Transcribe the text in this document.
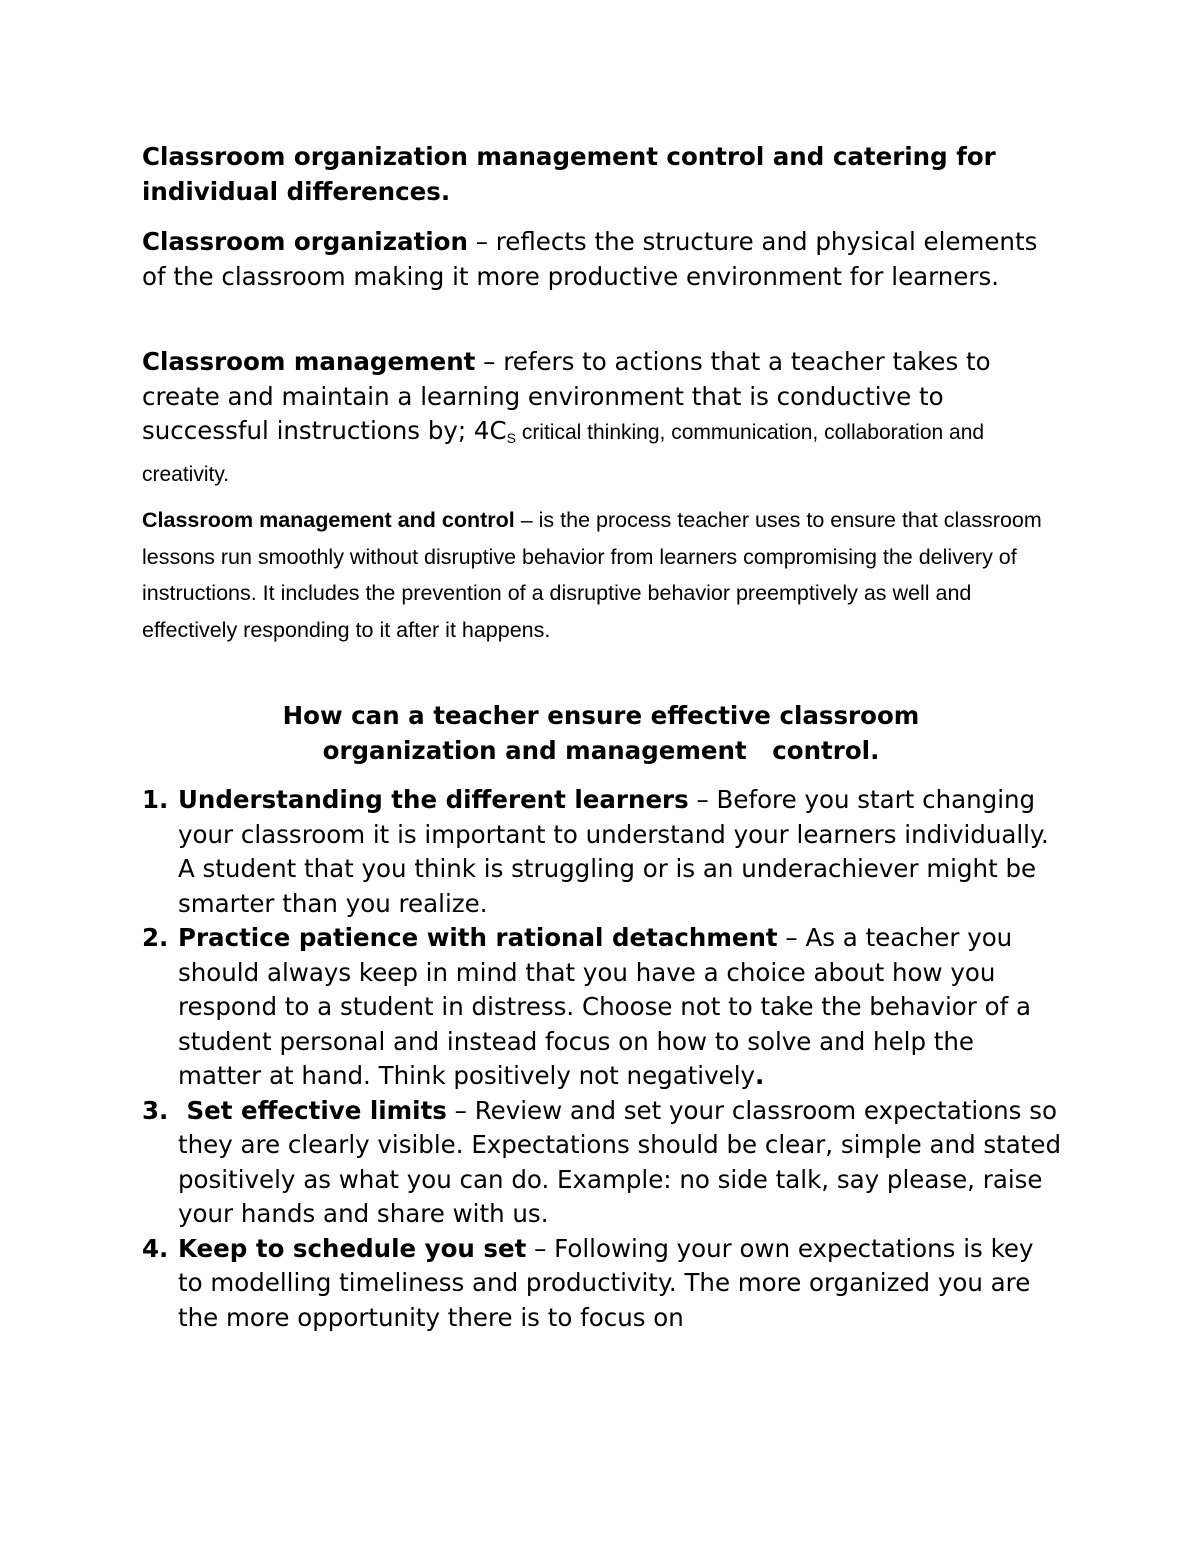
Classroom organization management control and catering for individual differences.

Classroom organization – reflects the structure and physical elements of the classroom making it more productive environment for learners.

Classroom management – refers to actions that a teacher takes to create and maintain a learning environment that is conductive to successful instructions by; $4C_S$ critical thinking, communication, collaboration and creativity.

Classroom management and control – is the process teacher uses to ensure that classroom lessons run smoothly without disruptive behavior from learners compromising the delivery of instructions. It includes the prevention of a disruptive behavior preemptively as well and effectively responding to it after it happens.

How can a teacher ensure effective classroom
organization and management   control.

1. Understanding the different learners – Before you start changing your classroom it is important to understand your learners individually. A student that you think is struggling or is an underachiever might be smarter than you realize.
2. Practice patience with rational detachment – As a teacher you should always keep in mind that you have a choice about how you respond to a student in distress. Choose not to take the behavior of a student personal and instead focus on how to solve and help the matter at hand. Think positively not negatively.
3. Set effective limits – Review and set your classroom expectations so they are clearly visible. Expectations should be clear, simple and stated positively as what you can do. Example: no side talk, say please, raise your hands and share with us.
4. Keep to schedule you set – Following your own expectations is key to modelling timeliness and productivity. The more organized you are the more opportunity there is to focus on
